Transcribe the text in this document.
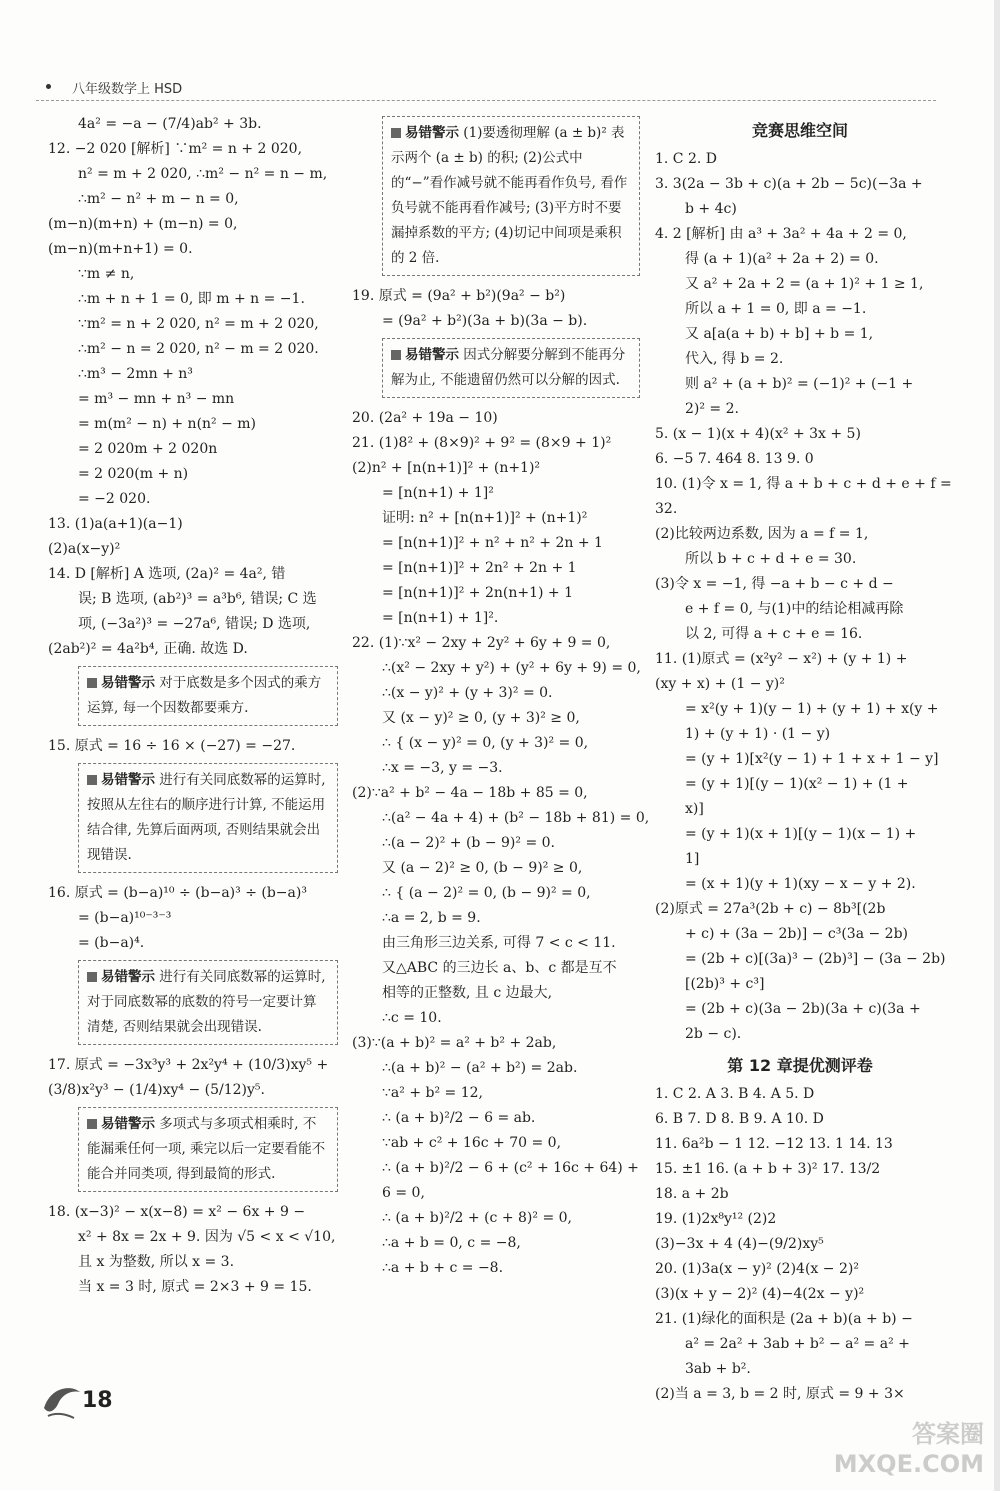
八年级数学上 HSD
4a² = −a − (7/4)ab² + 3b.
12. −2 020 [解析] ∵m² = n + 2 020,
n² = m + 2 020, ∴m² − n² = n − m,
∴m² − n² + m − n = 0,
(m−n)(m+n) + (m−n) = 0,
(m−n)(m+n+1) = 0.
∵m ≠ n,
∴m + n + 1 = 0, 即 m + n = −1.
∵m² = n + 2 020, n² = m + 2 020,
∴m² − n = 2 020, n² − m = 2 020.
∴m³ − 2mn + n³
= m³ − mn + n³ − mn
= m(m² − n) + n(n² − m)
= 2 020m + 2 020n
= 2 020(m + n)
= −2 020.
13. (1)a(a+1)(a−1)
(2)a(x−y)²
14. D [解析] A 选项, (2a)² = 4a², 错
误; B 选项, (ab²)³ = a³b⁶, 错误; C 选
项, (−3a²)³ = −27a⁶, 错误; D 选项,
(2ab²)² = 4a²b⁴, 正确. 故选 D.
易错警示 对于底数是多个因式的乘方运算, 每一个因数都要乘方.
15. 原式 = 16 ÷ 16 × (−27) = −27.
易错警示 进行有关同底数幂的运算时, 按照从左往右的顺序进行计算, 不能运用结合律, 先算后面两项, 否则结果就会出现错误.
16. 原式 = (b−a)¹⁰ ÷ (b−a)³ ÷ (b−a)³
= (b−a)¹⁰⁻³⁻³
= (b−a)⁴.
易错警示 进行有关同底数幂的运算时, 对于同底数幂的底数的符号一定要计算清楚, 否则结果就会出现错误.
17. 原式 = −3x³y³ + 2x²y⁴ + (10/3)xy⁵ +
(3/8)x²y³ − (1/4)xy⁴ − (5/12)y⁵.
易错警示 多项式与多项式相乘时, 不能漏乘任何一项, 乘完以后一定要看能不能合并同类项, 得到最简的形式.
18. (x−3)² − x(x−8) = x² − 6x + 9 −
x² + 8x = 2x + 9. 因为 √5 < x < √10,
且 x 为整数, 所以 x = 3.
当 x = 3 时, 原式 = 2×3 + 9 = 15.
易错警示 (1)要透彻理解 (a ± b)² 表示两个 (a ± b) 的积; (2)公式中的“−”看作减号就不能再看作负号, 看作负号就不能再看作减号; (3)平方时不要漏掉系数的平方; (4)切记中间项是乘积的 2 倍.
19. 原式 = (9a² + b²)(9a² − b²)
= (9a² + b²)(3a + b)(3a − b).
易错警示 因式分解要分解到不能再分解为止, 不能遗留仍然可以分解的因式.
20. (2a² + 19a − 10)
21. (1)8² + (8×9)² + 9² = (8×9 + 1)²
(2)n² + [n(n+1)]² + (n+1)²
= [n(n+1) + 1]²
证明: n² + [n(n+1)]² + (n+1)²
= [n(n+1)]² + n² + n² + 2n + 1
= [n(n+1)]² + 2n² + 2n + 1
= [n(n+1)]² + 2n(n+1) + 1
= [n(n+1) + 1]².
22. (1)∵x² − 2xy + 2y² + 6y + 9 = 0,
∴(x² − 2xy + y²) + (y² + 6y + 9) = 0,
∴(x − y)² + (y + 3)² = 0.
又 (x − y)² ≥ 0, (y + 3)² ≥ 0,
∴ { (x − y)² = 0, (y + 3)² = 0,
∴x = −3, y = −3.
(2)∵a² + b² − 4a − 18b + 85 = 0,
∴(a² − 4a + 4) + (b² − 18b + 81) = 0,
∴(a − 2)² + (b − 9)² = 0.
又 (a − 2)² ≥ 0, (b − 9)² ≥ 0,
∴ { (a − 2)² = 0, (b − 9)² = 0,
∴a = 2, b = 9.
由三角形三边关系, 可得 7 < c < 11.
又△ABC 的三边长 a、b、c 都是互不
相等的正整数, 且 c 边最大,
∴c = 10.
(3)∵(a + b)² = a² + b² + 2ab,
∴(a + b)² − (a² + b²) = 2ab.
∵a² + b² = 12,
∴ (a + b)²/2 − 6 = ab.
∵ab + c² + 16c + 70 = 0,
∴ (a + b)²/2 − 6 + (c² + 16c + 64) +
6 = 0,
∴ (a + b)²/2 + (c + 8)² = 0,
∴a + b = 0, c = −8,
∴a + b + c = −8.
竞赛思维空间
1. C 2. D
3. 3(2a − 3b + c)(a + 2b − 5c)(−3a +
b + 4c)
4. 2 [解析] 由 a³ + 3a² + 4a + 2 = 0,
得 (a + 1)(a² + 2a + 2) = 0.
又 a² + 2a + 2 = (a + 1)² + 1 ≥ 1,
所以 a + 1 = 0, 即 a = −1.
又 a[a(a + b) + b] + b = 1,
代入, 得 b = 2.
则 a² + (a + b)² = (−1)² + (−1 +
2)² = 2.
5. (x − 1)(x + 4)(x² + 3x + 5)
6. −5 7. 464 8. 13 9. 0
10. (1)令 x = 1, 得 a + b + c + d + e + f =
32.
(2)比较两边系数, 因为 a = f = 1,
所以 b + c + d + e = 30.
(3)令 x = −1, 得 −a + b − c + d −
e + f = 0, 与(1)中的结论相减再除
以 2, 可得 a + c + e = 16.
11. (1)原式 = (x²y² − x²) + (y + 1) +
(xy + x) + (1 − y)²
= x²(y + 1)(y − 1) + (y + 1) + x(y +
1) + (y + 1) · (1 − y)
= (y + 1)[x²(y − 1) + 1 + x + 1 − y]
= (y + 1)[(y − 1)(x² − 1) + (1 +
x)]
= (y + 1)(x + 1)[(y − 1)(x − 1) +
1]
= (x + 1)(y + 1)(xy − x − y + 2).
(2)原式 = 27a³(2b + c) − 8b³[(2b
+ c) + (3a − 2b)] − c³(3a − 2b)
= (2b + c)[(3a)³ − (2b)³] − (3a − 2b)
[(2b)³ + c³]
= (2b + c)(3a − 2b)(3a + c)(3a +
2b − c).
第 12 章提优测评卷
1. C 2. A 3. B 4. A 5. D
6. B 7. D 8. B 9. A 10. D
11. 6a²b − 1 12. −12 13. 1 14. 13
15. ±1 16. (a + b + 3)² 17. 13/2
18. a + 2b
19. (1)2x⁸y¹² (2)2
(3)−3x + 4 (4)−(9/2)xy⁵
20. (1)3a(x − y)² (2)4(x − 2)²
(3)(x + y − 2)² (4)−4(2x − y)²
21. (1)绿化的面积是 (2a + b)(a + b) −
a² = 2a² + 3ab + b² − a² = a² +
3ab + b².
(2)当 a = 3, b = 2 时, 原式 = 9 + 3×
18
答案圈
MXQE.COM
